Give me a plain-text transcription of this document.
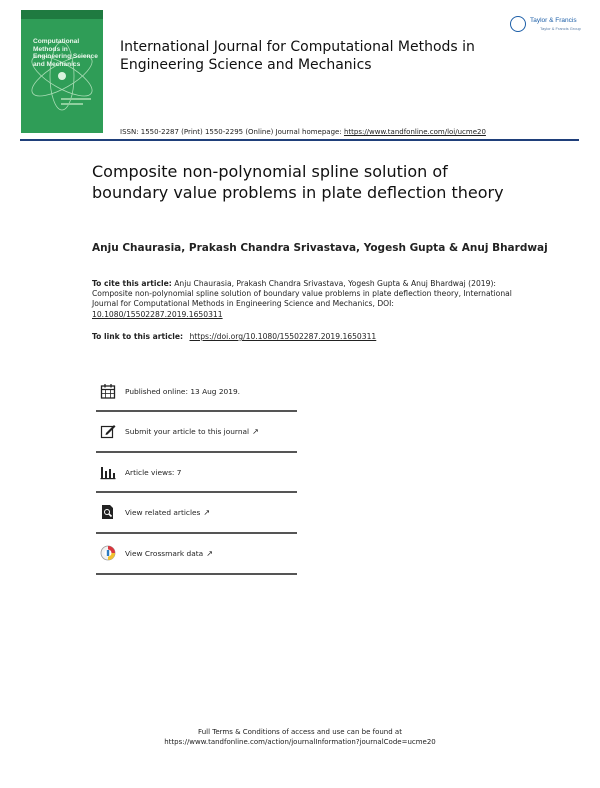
Computational Methods in Engineering Science and Mechanics
International Journal for Computational Methods in Engineering Science and Mechanics
Taylor & Francis
Taylor & Francis Group
ISSN: 1550-2287 (Print) 1550-2295 (Online) Journal homepage: https://www.tandfonline.com/loi/ucme20
Composite non-polynomial spline solution of boundary value problems in plate deflection theory
Anju Chaurasia, Prakash Chandra Srivastava, Yogesh Gupta & Anuj Bhardwaj
To cite this article: Anju Chaurasia, Prakash Chandra Srivastava, Yogesh Gupta & Anuj Bhardwaj (2019): Composite non-polynomial spline solution of boundary value problems in plate deflection theory, International Journal for Computational Methods in Engineering Science and Mechanics, DOI: 10.1080/15502287.2019.1650311
To link to this article: https://doi.org/10.1080/15502287.2019.1650311
Published online: 13 Aug 2019.
Submit your article to this journal ↗
Article views: 7
View related articles ↗
View Crossmark data ↗
Full Terms & Conditions of access and use can be found at
https://www.tandfonline.com/action/journalInformation?journalCode=ucme20
